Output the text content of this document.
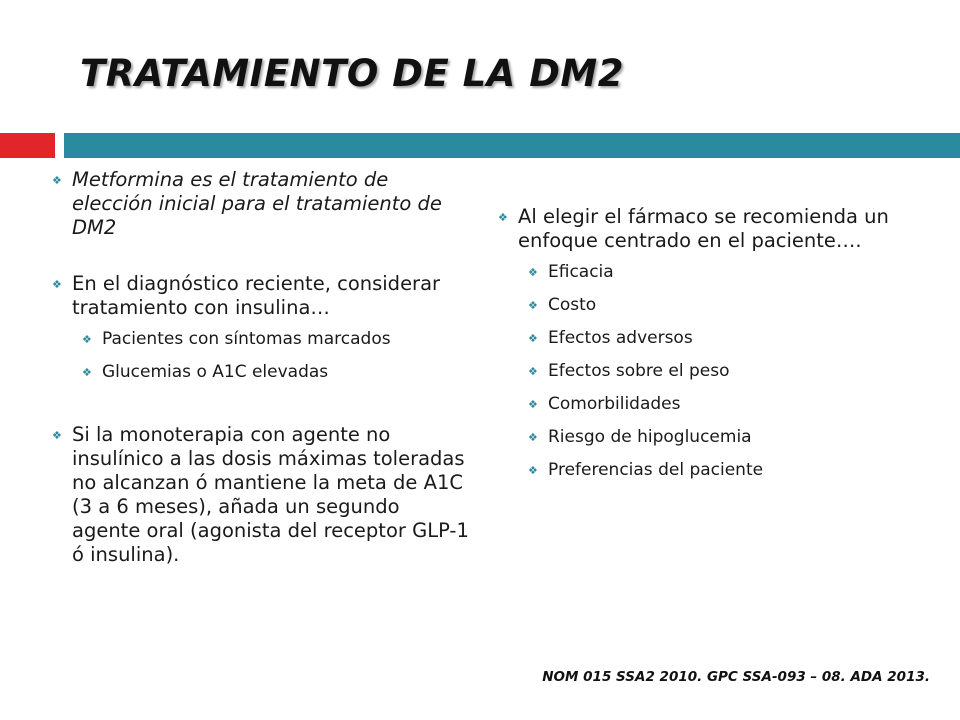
TRATAMIENTO DE LA DM2
❖ Metformina es el tratamiento de elección inicial para el tratamiento de DM2
❖ En el diagnóstico reciente, considerar tratamiento con insulina…
❖ Pacientes con síntomas marcados
❖ Glucemias o A1C elevadas
❖ Si la monoterapia con agente no insulínico a las dosis máximas toleradas no alcanzan ó mantiene la meta de A1C (3 a 6 meses), añada un segundo agente oral (agonista del receptor GLP-1 ó insulina).
❖ Al elegir el fármaco se recomienda un enfoque centrado en el paciente….
❖ Eficacia
❖ Costo
❖ Efectos adversos
❖ Efectos sobre el peso
❖ Comorbilidades
❖ Riesgo de hipoglucemia
❖ Preferencias del paciente
NOM 015 SSA2 2010. GPC SSA-093 – 08. ADA 2013.
